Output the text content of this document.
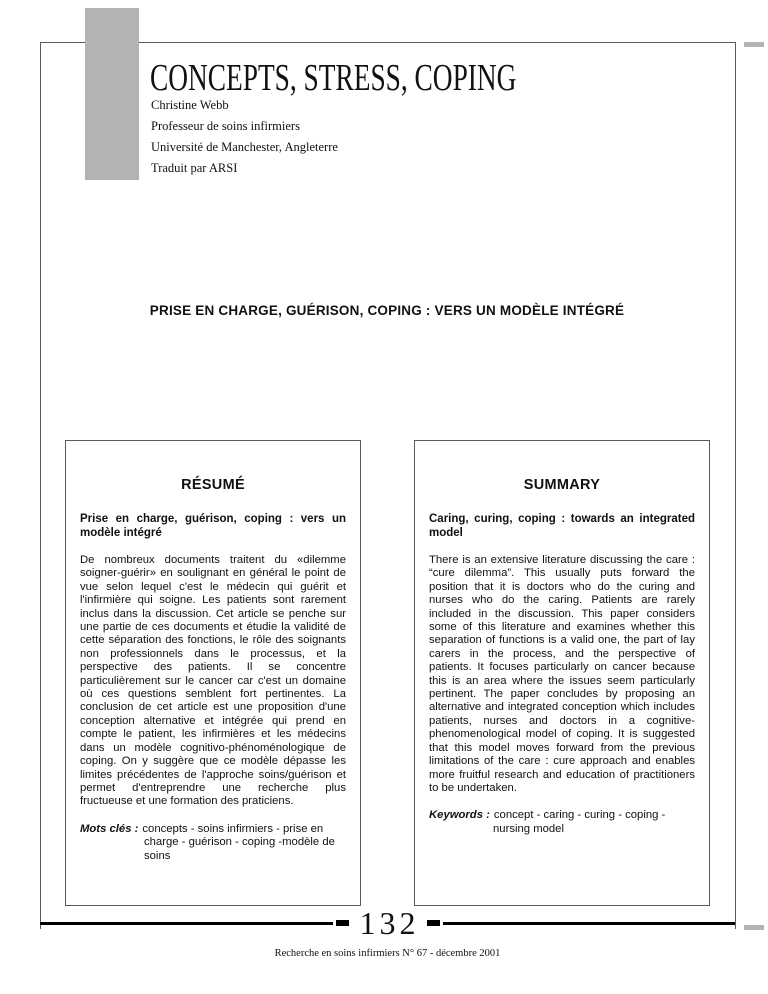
CONCEPTS, STRESS, COPING

Christine Webb

Professeur de soins infirmiers

Université de Manchester, Angleterre

Traduit par ARSI

PRISE EN CHARGE, GUÉRISON, COPING : VERS UN MODÈLE INTÉGRÉ
RÉSUMÉ

Prise en charge, guérison, coping : vers un modèle intégré

De nombreux documents traitent du «dilemme soigner-guérir» en soulignant en général le point de vue selon lequel c'est le médecin qui guérit et l'infirmière qui soigne. Les patients sont rarement inclus dans la discussion. Cet article se penche sur une partie de ces documents et étudie la validité de cette séparation des fonctions, le rôle des soignants non professionnels dans le processus, et la perspective des patients. Il se concentre particulièrement sur le cancer car c'est un domaine où ces questions semblent fort pertinentes. La conclusion de cet article est une proposition d'une conception alternative et intégrée qui prend en compte le patient, les infirmières et les médecins dans un modèle cognitivo-phénoménologique de coping. On y suggère que ce modèle dépasse les limites précédentes de l'approche soins/guérison et permet d'entreprendre une recherche plus fructueuse et une formation des praticiens.

Mots clés : concepts - soins infirmiers - prise en charge - guérison - coping -modèle de soins

SUMMARY

Caring, curing, coping : towards an integrated model

There is an extensive literature discussing the care : “cure dilemma”. This usually puts forward the position that it is doctors who do the curing and nurses who do the caring. Patients are rarely included in the discussion. This paper considers some of this literature and examines whether this separation of functions is a valid one, the part of lay carers in the process, and the perspective of patients. It focuses particularly on cancer because this is an area where the issues seem particularly pertinent. The paper concludes by proposing an alternative and integrated conception which includes patients, nurses and doctors in a cognitive-phenomenological model of coping. It is suggested that this model moves forward from the previous limitations of the care : cure approach and enables more fruitful research and education of practitioners to be undertaken.

Keywords : concept - caring - curing - coping - nursing model

132

Recherche en soins infirmiers N° 67 - décembre 2001
